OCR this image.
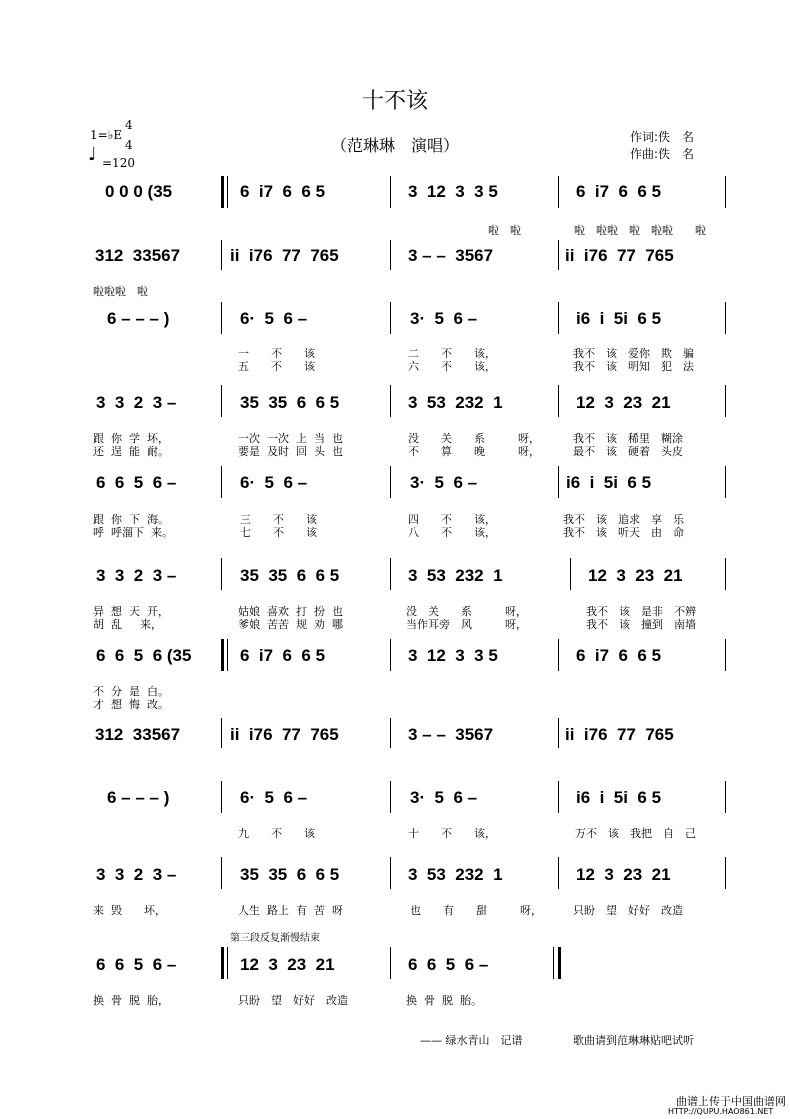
十不该
（范琳琳　演唱）
1=♭E
4
4
♩ =120
作词:佚　名
作曲:佚　名
0 0 0 (35	6  i7  6  6 5	3  12  3  3 5	6  i7  6  6 5
啦　啦	啦　啦啦　啦　啦啦　　啦
312  33567	ii  i76  77  765	3 – –  3567	ii  i76  77  765
啦啦啦　啦
6 – – – )	6·  5  6 –	3·  5  6 –	i6  i  5i  6 5
一　　不　　该	二　　不　　该，	我不　该　爱你　欺　骗
五　　不　　该	六　　不　　该，	我不　该　明知　犯　法
3  3  2  3 –	35  35  6  6 5	3  53  232  1	12  3  23  21
跟  你  学  坏，	一次  一次  上  当  也	没　　关　　系　　　呀，	我不　该　稀里　糊涂
还  逞  能  耐。	要是  及时  回  头  也	不　　算　　晚　　　呀，	最不　该　硬着　头皮
6  6  5  6 –	6·  5  6 –	3·  5  6 –	i6  i  5i  6 5
跟  你  下  海。	三　　不　　该	四　　不　　该，	我不　该　追求　享　乐
呼  呼溜下  来。	七　　不　　该	八　　不　　该，	我不　该　听天　由　命
3  3  2  3 –	35  35  6  6 5	3  53  232  1	12  3  23  21
异  想  天  开，	姑娘  喜欢  打  扮  也	没　关　　系　　　呀，	我不　该　是非　不辨
胡  乱　  来，	爹娘  苦苦  规  劝  哪	当作耳旁　风　　　呀，	我不　该　撞到　南墙
6  6  5  6 (35	6  i7  6  6 5	3  12  3  3 5	6  i7  6  6 5
不  分  是  白。
才  想  悔  改。
312  33567	ii  i76  77  765	3 – –  3567	ii  i76  77  765
6 – – – )	6·  5  6 –	3·  5  6 –	i6  i  5i  6 5
九　　不　　该	十　　不　　该，	万不　该　我把　自　己
3  3  2  3 –	35  35  6  6 5	3  53  232  1	12  3  23  21
来  毁　　坏，	人生  路上  有  苦  呀	也　　有　　甜　　　呀，	只盼　望　好好　改造
第三段反复渐慢结束
6  6  5  6 –	12  3  23  21	6  6  5  6 –
换  骨  脱  胎，	只盼　望　好好　改造	换  骨  脱  胎。
—— 绿水青山　记谱	歌曲请到范琳琳贴吧试听
曲谱上传于中国曲谱网
HTTP://QUPU.HAO861.NET
